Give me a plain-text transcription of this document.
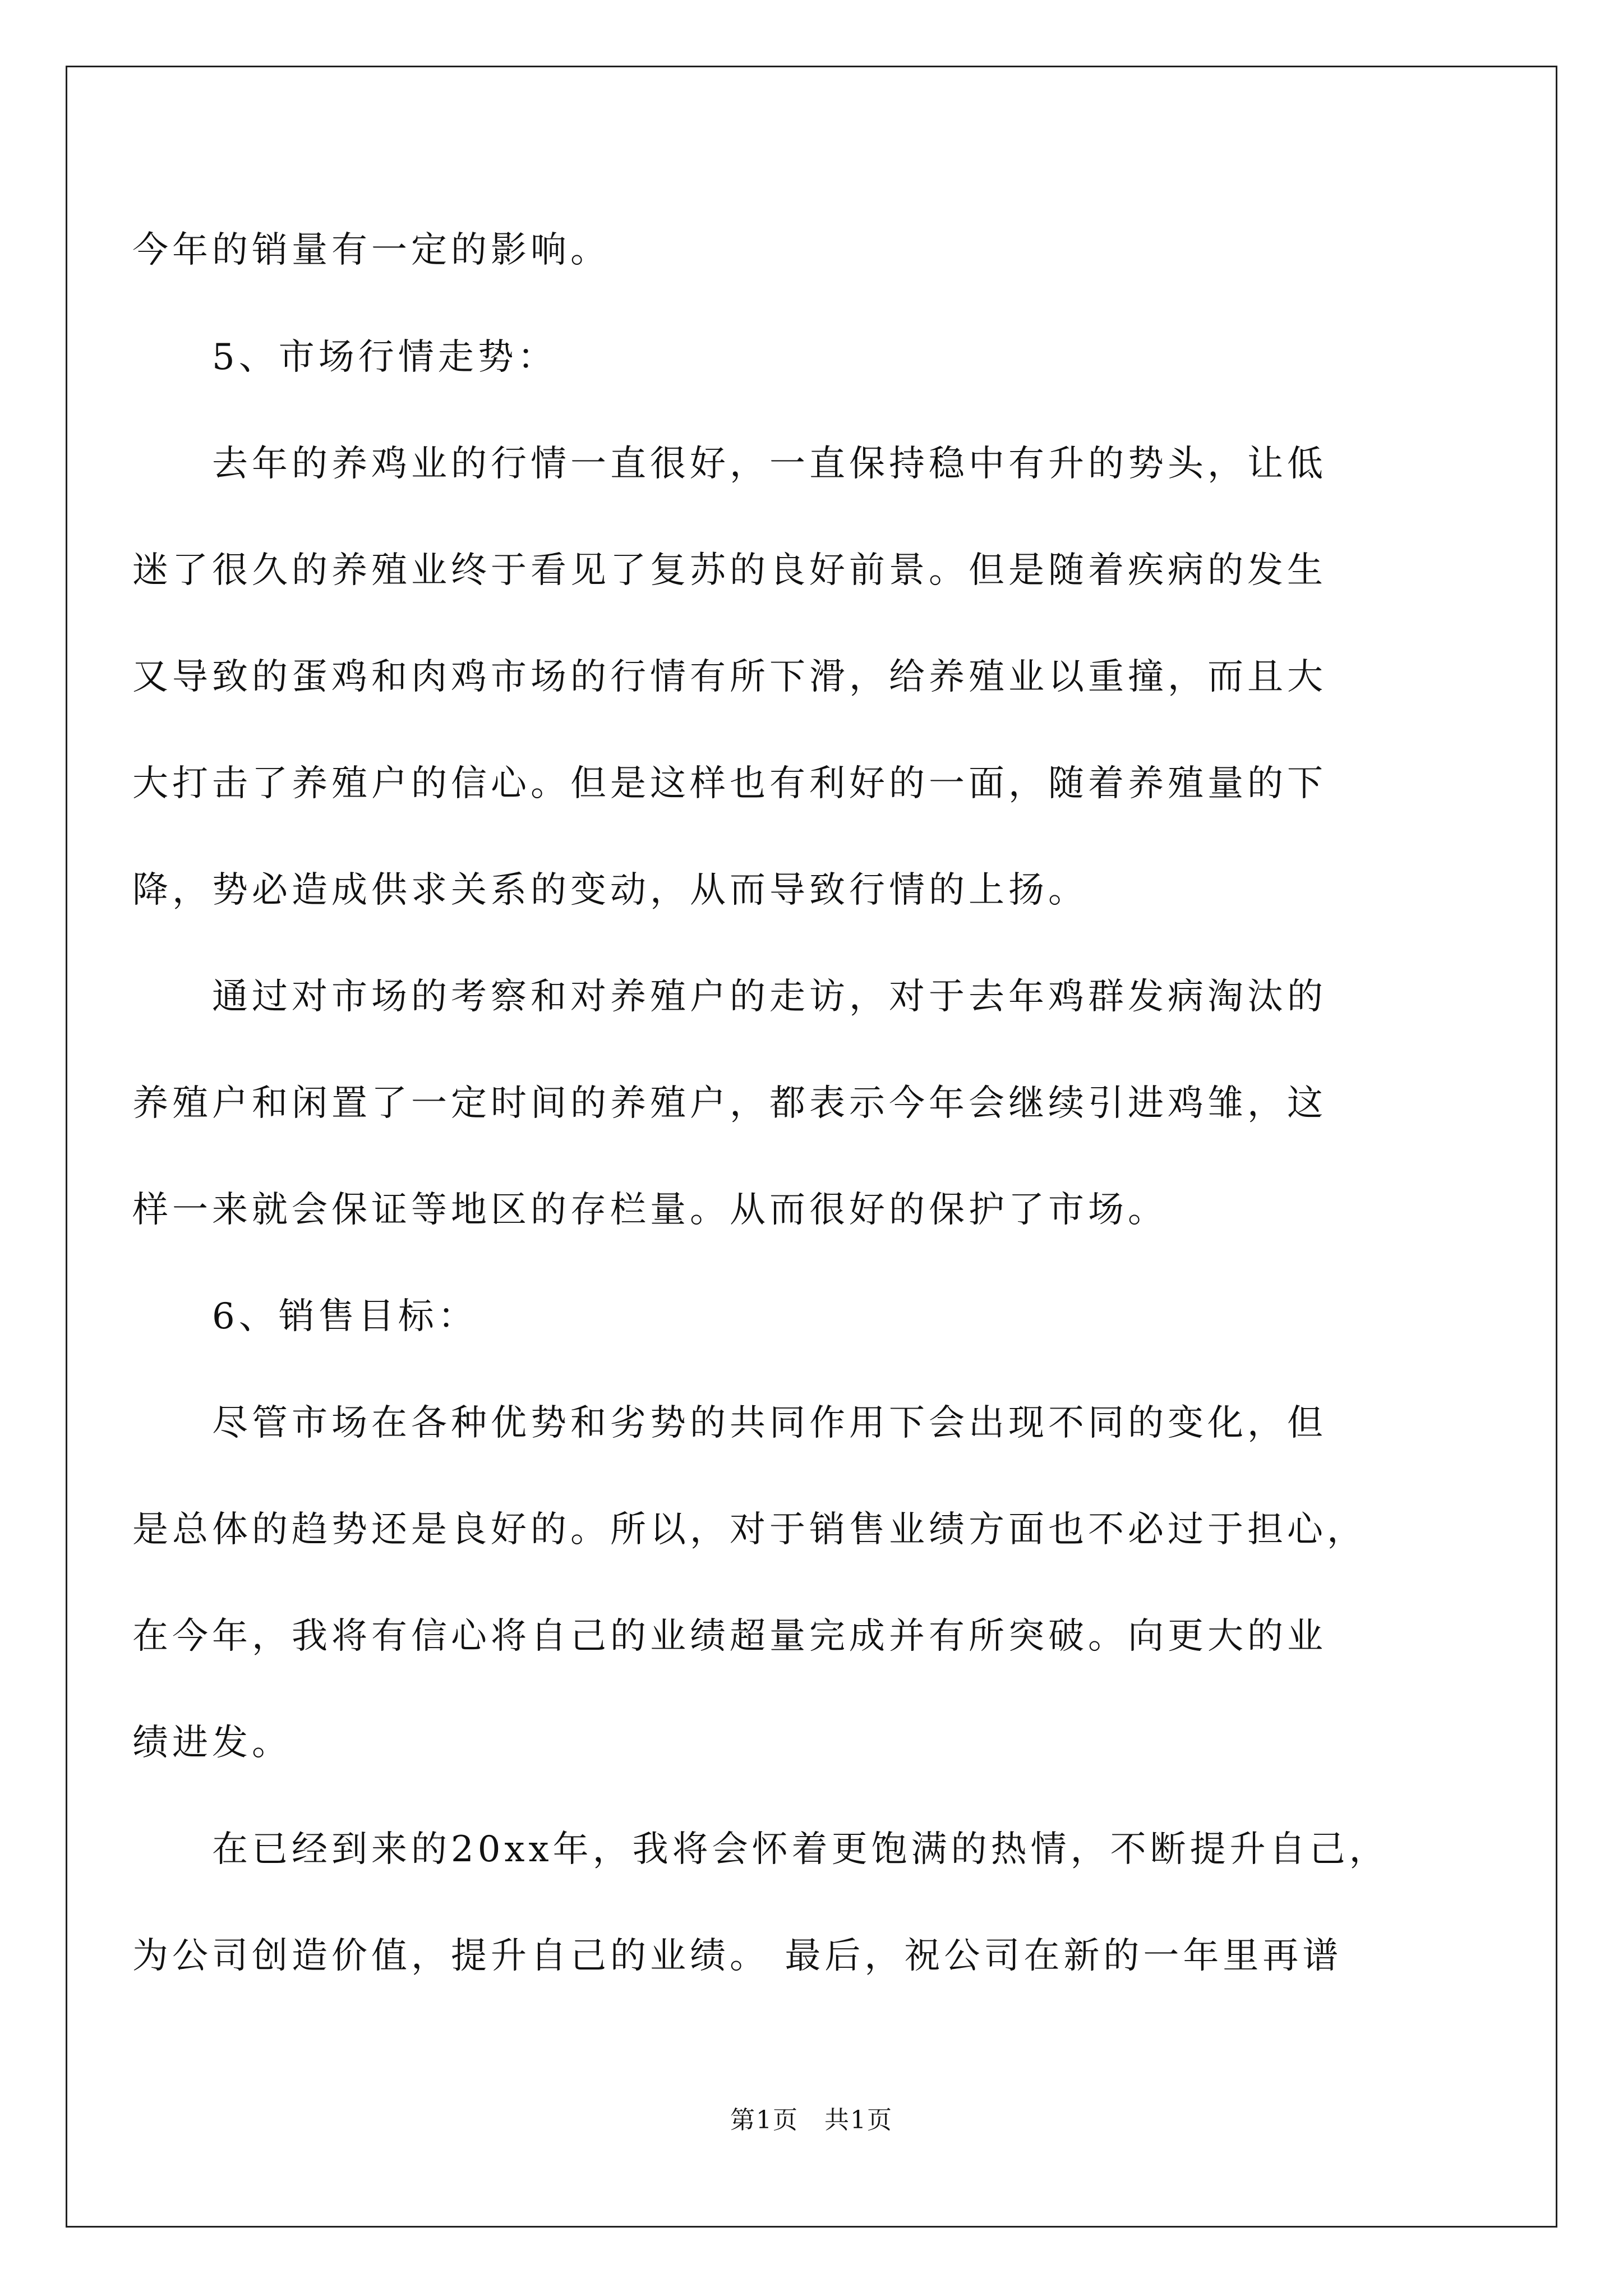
今年的销量有一定的影响。
　　5、市场行情走势：
　　去年的养鸡业的行情一直很好，一直保持稳中有升的势头，让低
迷了很久的养殖业终于看见了复苏的良好前景。但是随着疾病的发生
又导致的蛋鸡和肉鸡市场的行情有所下滑，给养殖业以重撞，而且大
大打击了养殖户的信心。但是这样也有利好的一面，随着养殖量的下
降，势必造成供求关系的变动，从而导致行情的上扬。
　　通过对市场的考察和对养殖户的走访，对于去年鸡群发病淘汰的
养殖户和闲置了一定时间的养殖户，都表示今年会继续引进鸡雏，这
样一来就会保证等地区的存栏量。从而很好的保护了市场。
　　6、销售目标：
　　尽管市场在各种优势和劣势的共同作用下会出现不同的变化，但
是总体的趋势还是良好的。所以，对于销售业绩方面也不必过于担心，
在今年，我将有信心将自己的业绩超量完成并有所突破。向更大的业
绩进发。
　　在已经到来的20xx年，我将会怀着更饱满的热情，不断提升自己，
为公司创造价值，提升自己的业绩。 最后，祝公司在新的一年里再谱
第1页　共1页
